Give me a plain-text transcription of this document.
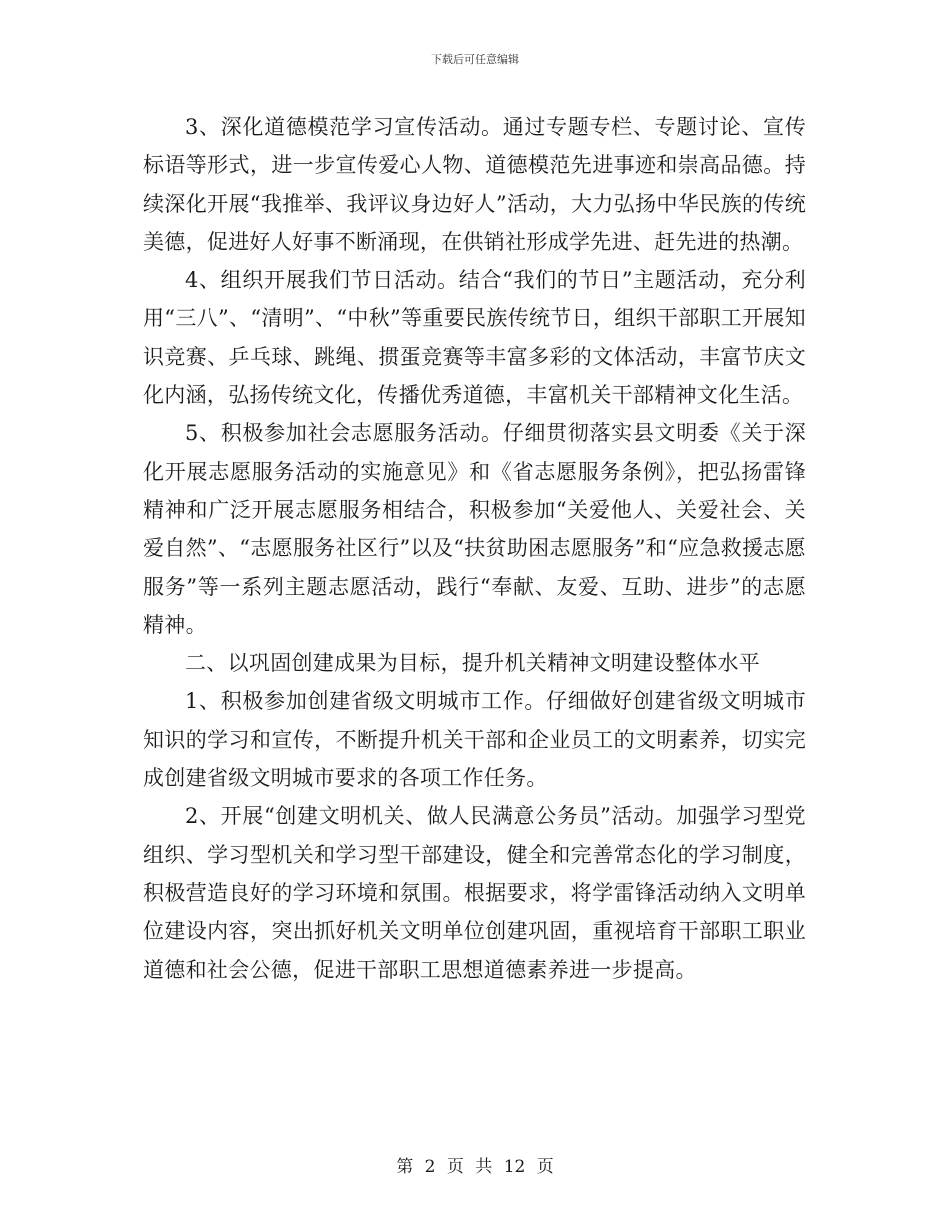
下载后可任意编辑

3、深化道德模范学习宣传活动。通过专题专栏、专题讨论、宣传标语等形式，进一步宣传爱心人物、道德模范先进事迹和崇高品德。持续深化开展“我推举、我评议身边好人”活动，大力弘扬中华民族的传统美德，促进好人好事不断涌现，在供销社形成学先进、赶先进的热潮。

4、组织开展我们节日活动。结合“我们的节日”主题活动，充分利用“三八”、“清明”、“中秋”等重要民族传统节日，组织干部职工开展知识竞赛、乒乓球、跳绳、掼蛋竞赛等丰富多彩的文体活动，丰富节庆文化内涵，弘扬传统文化，传播优秀道德，丰富机关干部精神文化生活。

5、积极参加社会志愿服务活动。仔细贯彻落实县文明委《关于深化开展志愿服务活动的实施意见》和《省志愿服务条例》，把弘扬雷锋精神和广泛开展志愿服务相结合，积极参加“关爱他人、关爱社会、关爱自然”、“志愿服务社区行”以及“扶贫助困志愿服务”和“应急救援志愿服务”等一系列主题志愿活动，践行“奉献、友爱、互助、进步”的志愿精神。

二、以巩固创建成果为目标，提升机关精神文明建设整体水平

1、积极参加创建省级文明城市工作。仔细做好创建省级文明城市知识的学习和宣传，不断提升机关干部和企业员工的文明素养，切实完成创建省级文明城市要求的各项工作任务。

2、开展“创建文明机关、做人民满意公务员”活动。加强学习型党组织、学习型机关和学习型干部建设，健全和完善常态化的学习制度，积极营造良好的学习环境和氛围。根据要求，将学雷锋活动纳入文明单位建设内容，突出抓好机关文明单位创建巩固，重视培育干部职工职业道德和社会公德，促进干部职工思想道德素养进一步提高。

第 2 页 共 12 页
